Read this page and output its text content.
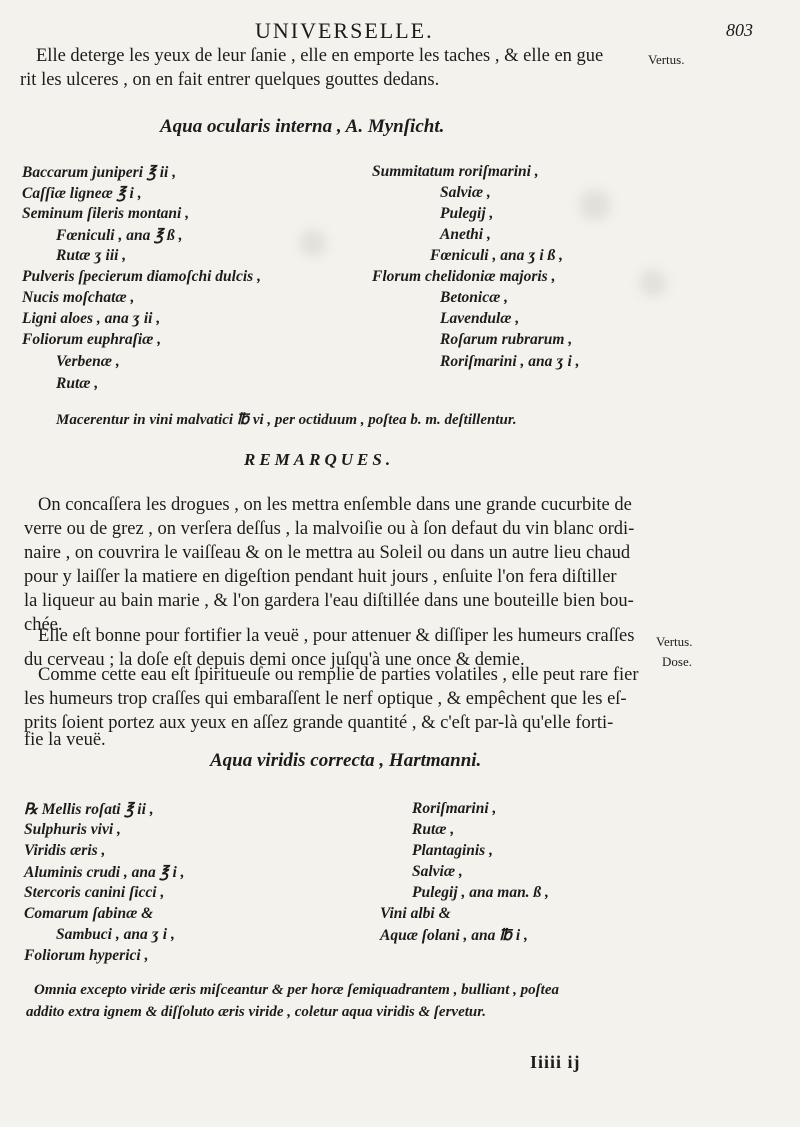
UNIVERSELLE.	803
Vertus.
Vertus.
Dose.
Elle deterge les yeux de leur ſanie , elle en emporte les taches , & elle en gue
rit les ulceres , on en fait entrer quelques gouttes dedans.
Aqua ocularis interna , A. Mynſicht.
Baccarum juniperi ℥ ii ,
Caſſiæ ligneæ ℥ i ,
Seminum ſileris montani ,
Fœniculi , ana ℥ ß ,
Rutæ ʒ iii ,
Pulveris ſpecierum diamoſchi dulcis ,
Nucis moſchatæ ,
Ligni aloes , ana ʒ ii ,
Foliorum euphraſiæ ,
Verbenæ ,
Rutæ ,
Summitatum roriſmarini ,
Salviæ ,
Pulegij ,
Anethi ,
Fœniculi , ana ʒ i ß ,
Florum chelidoniæ majoris ,
Betonicæ ,
Lavendulæ ,
Roſarum rubrarum ,
Roriſmarini , ana ʒ i ,
Macerentur in vini malvatici ℔ vi , per octiduum , poſtea b. m. deſtillentur.
REMARQUES.
On concaſſera les drogues , on les mettra enſemble dans une grande cucurbite de
verre ou de grez , on verſera deſſus , la malvoiſie ou à ſon defaut du vin blanc ordi-
naire , on couvrira le vaiſſeau & on le mettra au Soleil ou dans un autre lieu chaud
pour y laiſſer la matiere en digeſtion pendant huit jours , enſuite l'on fera diſtiller
la liqueur au bain marie , & l'on gardera l'eau diſtillée dans une bouteille bien bou-
chée.
Elle eſt bonne pour fortifier la veuë , pour attenuer & diſſiper les humeurs craſſes
du cerveau ; la doſe eſt depuis demi once juſqu'à une once & demie.
Comme cette eau eſt ſpiritueuſe ou remplie de parties volatiles , elle peut rare fier
les humeurs trop craſſes qui embaraſſent le nerf optique , & empêchent que les eſ-
prits ſoient portez aux yeux en aſſez grande quantité , & c'eſt par-là qu'elle forti-
fie la veuë.
Aqua viridis correcta , Hartmanni.
℞ Mellis roſati ℥ ii ,
Sulphuris vivi ,
Viridis æris ,
Aluminis crudi , ana ℥ i ,
Stercoris canini ſicci ,
Comarum ſabinæ &
Sambuci , ana ʒ i ,
Foliorum hyperici ,
Roriſmarini ,
Rutæ ,
Plantaginis ,
Salviæ ,
Pulegij , ana man. ß ,
Vini albi &
Aquæ ſolani , ana ℔ i ,
Omnia excepto viride æris miſceantur & per horæ ſemiquadrantem , bulliant , poſtea
addito extra ignem & diſſoluto æris viride , coletur aqua viridis & ſervetur.
Iiiii ij
